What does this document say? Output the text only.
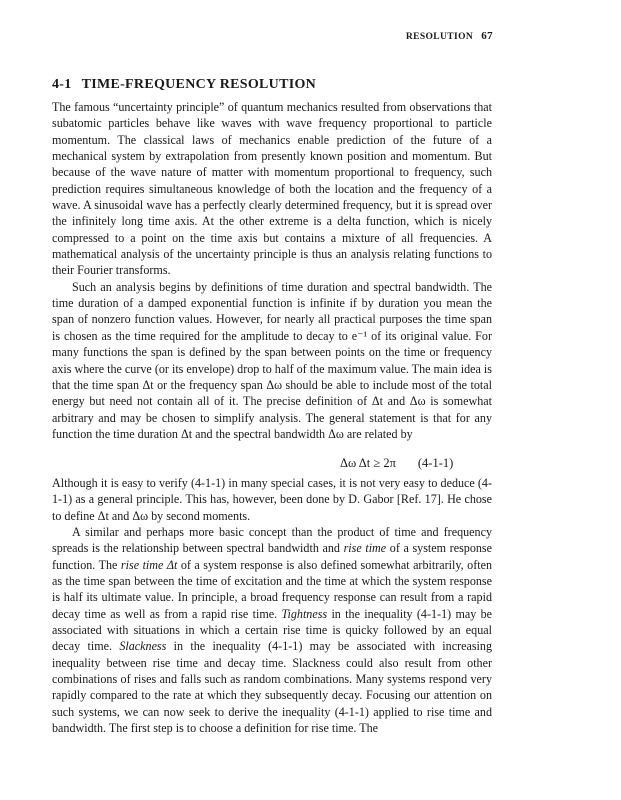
RESOLUTION 67
4-1 TIME-FREQUENCY RESOLUTION

The famous “uncertainty principle” of quantum mechanics resulted from observations that subatomic particles behave like waves with wave frequency proportional to particle momentum. The classical laws of mechanics enable prediction of the future of a mechanical system by extrapolation from presently known position and momentum. But because of the wave nature of matter with momentum proportional to frequency, such prediction requires simultaneous knowledge of both the location and the frequency of a wave. A sinusoidal wave has a perfectly clearly determined frequency, but it is spread over the infinitely long time axis. At the other extreme is a delta function, which is nicely compressed to a point on the time axis but contains a mixture of all frequencies. A mathematical analysis of the uncertainty principle is thus an analysis relating functions to their Fourier transforms.

Such an analysis begins by definitions of time duration and spectral bandwidth. The time duration of a damped exponential function is infinite if by duration you mean the span of nonzero function values. However, for nearly all practical purposes the time span is chosen as the time required for the amplitude to decay to e⁻¹ of its original value. For many functions the span is defined by the span between points on the time or frequency axis where the curve (or its envelope) drop to half of the maximum value. The main idea is that the time span Δt or the frequency span Δω should be able to include most of the total energy but need not contain all of it. The precise definition of Δt and Δω is somewhat arbitrary and may be chosen to simplify analysis. The general statement is that for any function the time duration Δt and the spectral bandwidth Δω are related by

Δω Δt ≥ 2π (4-1-1)

Although it is easy to verify (4-1-1) in many special cases, it is not very easy to deduce (4-1-1) as a general principle. This has, however, been done by D. Gabor [Ref. 17]. He chose to define Δt and Δω by second moments.

A similar and perhaps more basic concept than the product of time and frequency spreads is the relationship between spectral bandwidth and rise time of a system response function. The rise time Δt of a system response is also defined somewhat arbitrarily, often as the time span between the time of excitation and the time at which the system response is half its ultimate value. In principle, a broad frequency response can result from a rapid decay time as well as from a rapid rise time. Tightness in the inequality (4-1-1) may be associated with situations in which a certain rise time is quicky followed by an equal decay time. Slackness in the inequality (4-1-1) may be associated with increasing inequality between rise time and decay time. Slackness could also result from other combinations of rises and falls such as random combinations. Many systems respond very rapidly compared to the rate at which they subsequently decay. Focusing our attention on such systems, we can now seek to derive the inequality (4-1-1) applied to rise time and bandwidth. The first step is to choose a definition for rise time. The
